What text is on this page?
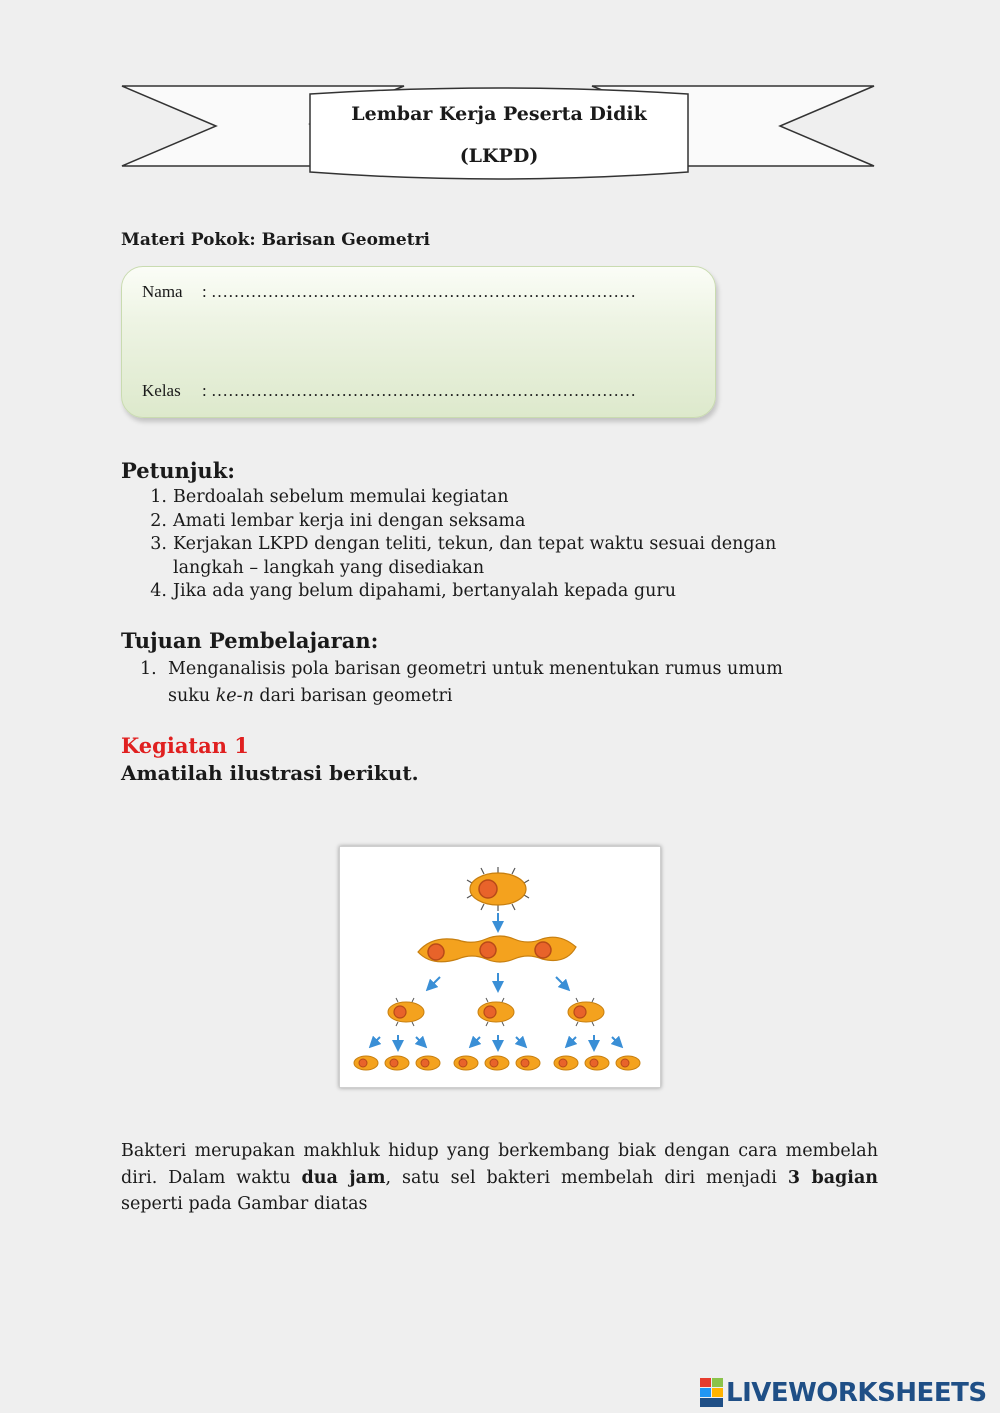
Lembar Kerja Peserta Didik
(LKPD)
Materi Pokok: Barisan Geometri
Nama : …………………………………………………………………
Kelas : …………………………………………………………………
Petunjuk:
1. Berdoalah sebelum memulai kegiatan
2. Amati lembar kerja ini dengan seksama
3. Kerjakan LKPD dengan teliti, tekun, dan tepat waktu sesuai dengan
langkah – langkah yang disediakan
4. Jika ada yang belum dipahami, bertanyalah kepada guru
Tujuan Pembelajaran:
1. Menganalisis pola barisan geometri untuk menentukan rumus umum
suku ke-n dari barisan geometri
Kegiatan 1
Amatilah ilustrasi berikut.
Bakteri merupakan makhluk hidup yang berkembang biak dengan cara membelah diri. Dalam waktu dua jam, satu sel bakteri membelah diri menjadi 3 bagian seperti pada Gambar diatas
LIVEWORKSHEETS
